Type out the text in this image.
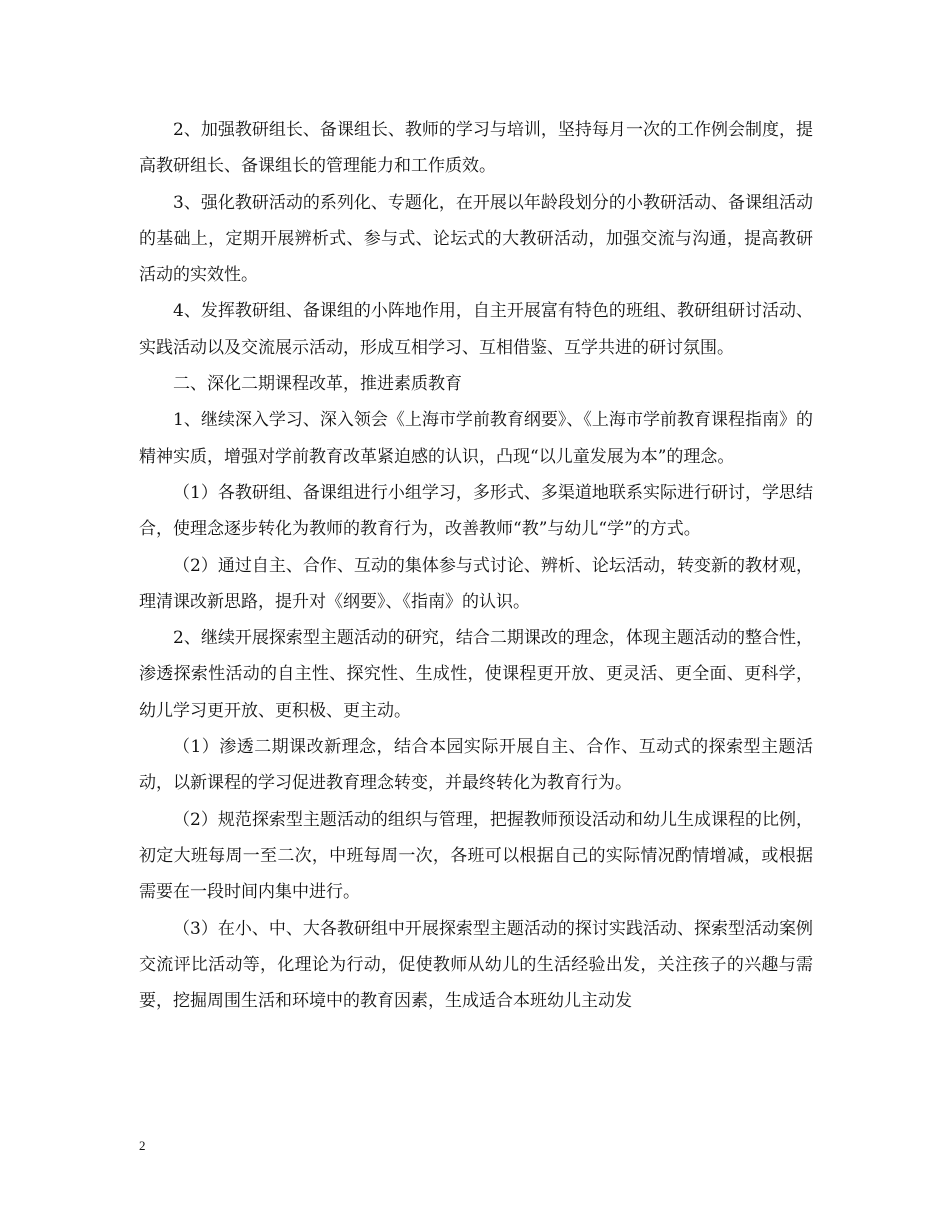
2、加强教研组长、备课组长、教师的学习与培训，坚持每月一次的工作例会制度，提高教研组长、备课组长的管理能力和工作质效。

3、强化教研活动的系列化、专题化，在开展以年龄段划分的小教研活动、备课组活动的基础上，定期开展辨析式、参与式、论坛式的大教研活动，加强交流与沟通，提高教研活动的实效性。

4、发挥教研组、备课组的小阵地作用，自主开展富有特色的班组、教研组研讨活动、实践活动以及交流展示活动，形成互相学习、互相借鉴、互学共进的研讨氛围。

二、深化二期课程改革，推进素质教育

1、继续深入学习、深入领会《上海市学前教育纲要》、《上海市学前教育课程指南》的精神实质，增强对学前教育改革紧迫感的认识，凸现“以儿童发展为本”的理念。

（1）各教研组、备课组进行小组学习，多形式、多渠道地联系实际进行研讨，学思结合，使理念逐步转化为教师的教育行为，改善教师“教”与幼儿“学”的方式。

（2）通过自主、合作、互动的集体参与式讨论、辨析、论坛活动，转变新的教材观，理清课改新思路，提升对《纲要》、《指南》的认识。

2、继续开展探索型主题活动的研究，结合二期课改的理念，体现主题活动的整合性，渗透探索性活动的自主性、探究性、生成性，使课程更开放、更灵活、更全面、更科学，幼儿学习更开放、更积极、更主动。

（1）渗透二期课改新理念，结合本园实际开展自主、合作、互动式的探索型主题活动，以新课程的学习促进教育理念转变，并最终转化为教育行为。

（2）规范探索型主题活动的组织与管理，把握教师预设活动和幼儿生成课程的比例，初定大班每周一至二次，中班每周一次，各班可以根据自己的实际情况酌情增减，或根据需要在一段时间内集中进行。

（3）在小、中、大各教研组中开展探索型主题活动的探讨实践活动、探索型活动案例交流评比活动等，化理论为行动，促使教师从幼儿的生活经验出发，关注孩子的兴趣与需要，挖掘周围生活和环境中的教育因素，生成适合本班幼儿主动发

2
